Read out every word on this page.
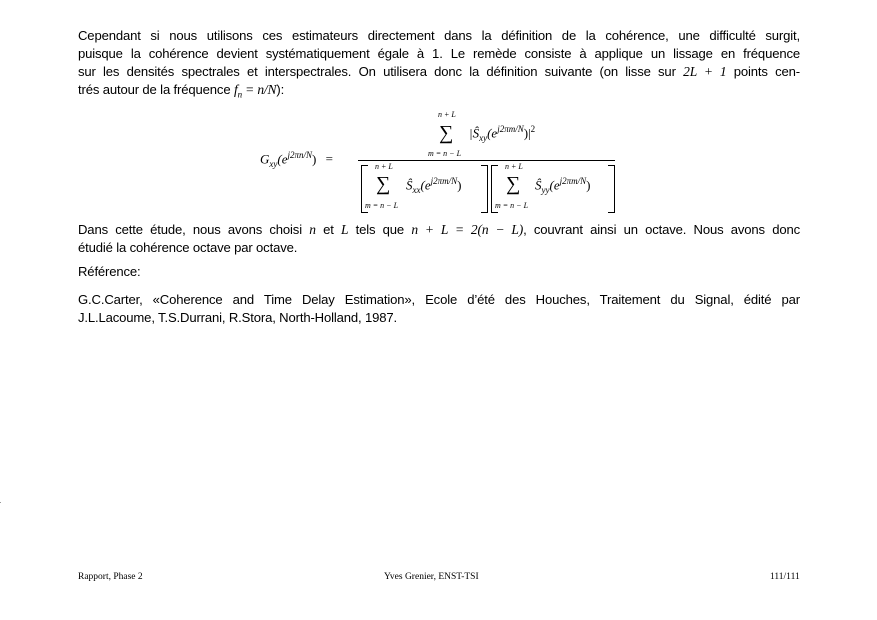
Cependant si nous utilisons ces estimateurs directement dans la définition de la cohérence, une difficulté surgit,
puisque la cohérence devient systématiquement égale à 1. Le remède consiste à applique un lissage en fréquence
sur les densités spectrales et interspectrales. On utilisera donc la définition suivante (on lisse sur 2L + 1 points cen-
trés autour de la fréquence $f_n = n/N$):
$G_{xy}(e^{j2\pi n/N})$ =
n + L
∑
m = n − L
$|Ŝ_{xy}(e^{j2\pi m/N})|^2$
n + L
∑
m = n − L
$Ŝ_{xx}(e^{j2\pi m/N})$
n + L
∑
m = n − L
$Ŝ_{yy}(e^{j2\pi m/N})$
Dans cette étude, nous avons choisi n et L tels que n + L = 2(n − L), couvrant ainsi un octave. Nous avons donc
étudié la cohérence octave par octave.
Référence:
G.C.Carter, «Coherence and Time Delay Estimation», Ecole d’été des Houches, Traitement du Signal, édité par
J.L.Lacoume, T.S.Durrani, R.Stora, North-Holland, 1987.
Rapport, Phase 2	Yves Grenier, ENST-TSI	111/111
